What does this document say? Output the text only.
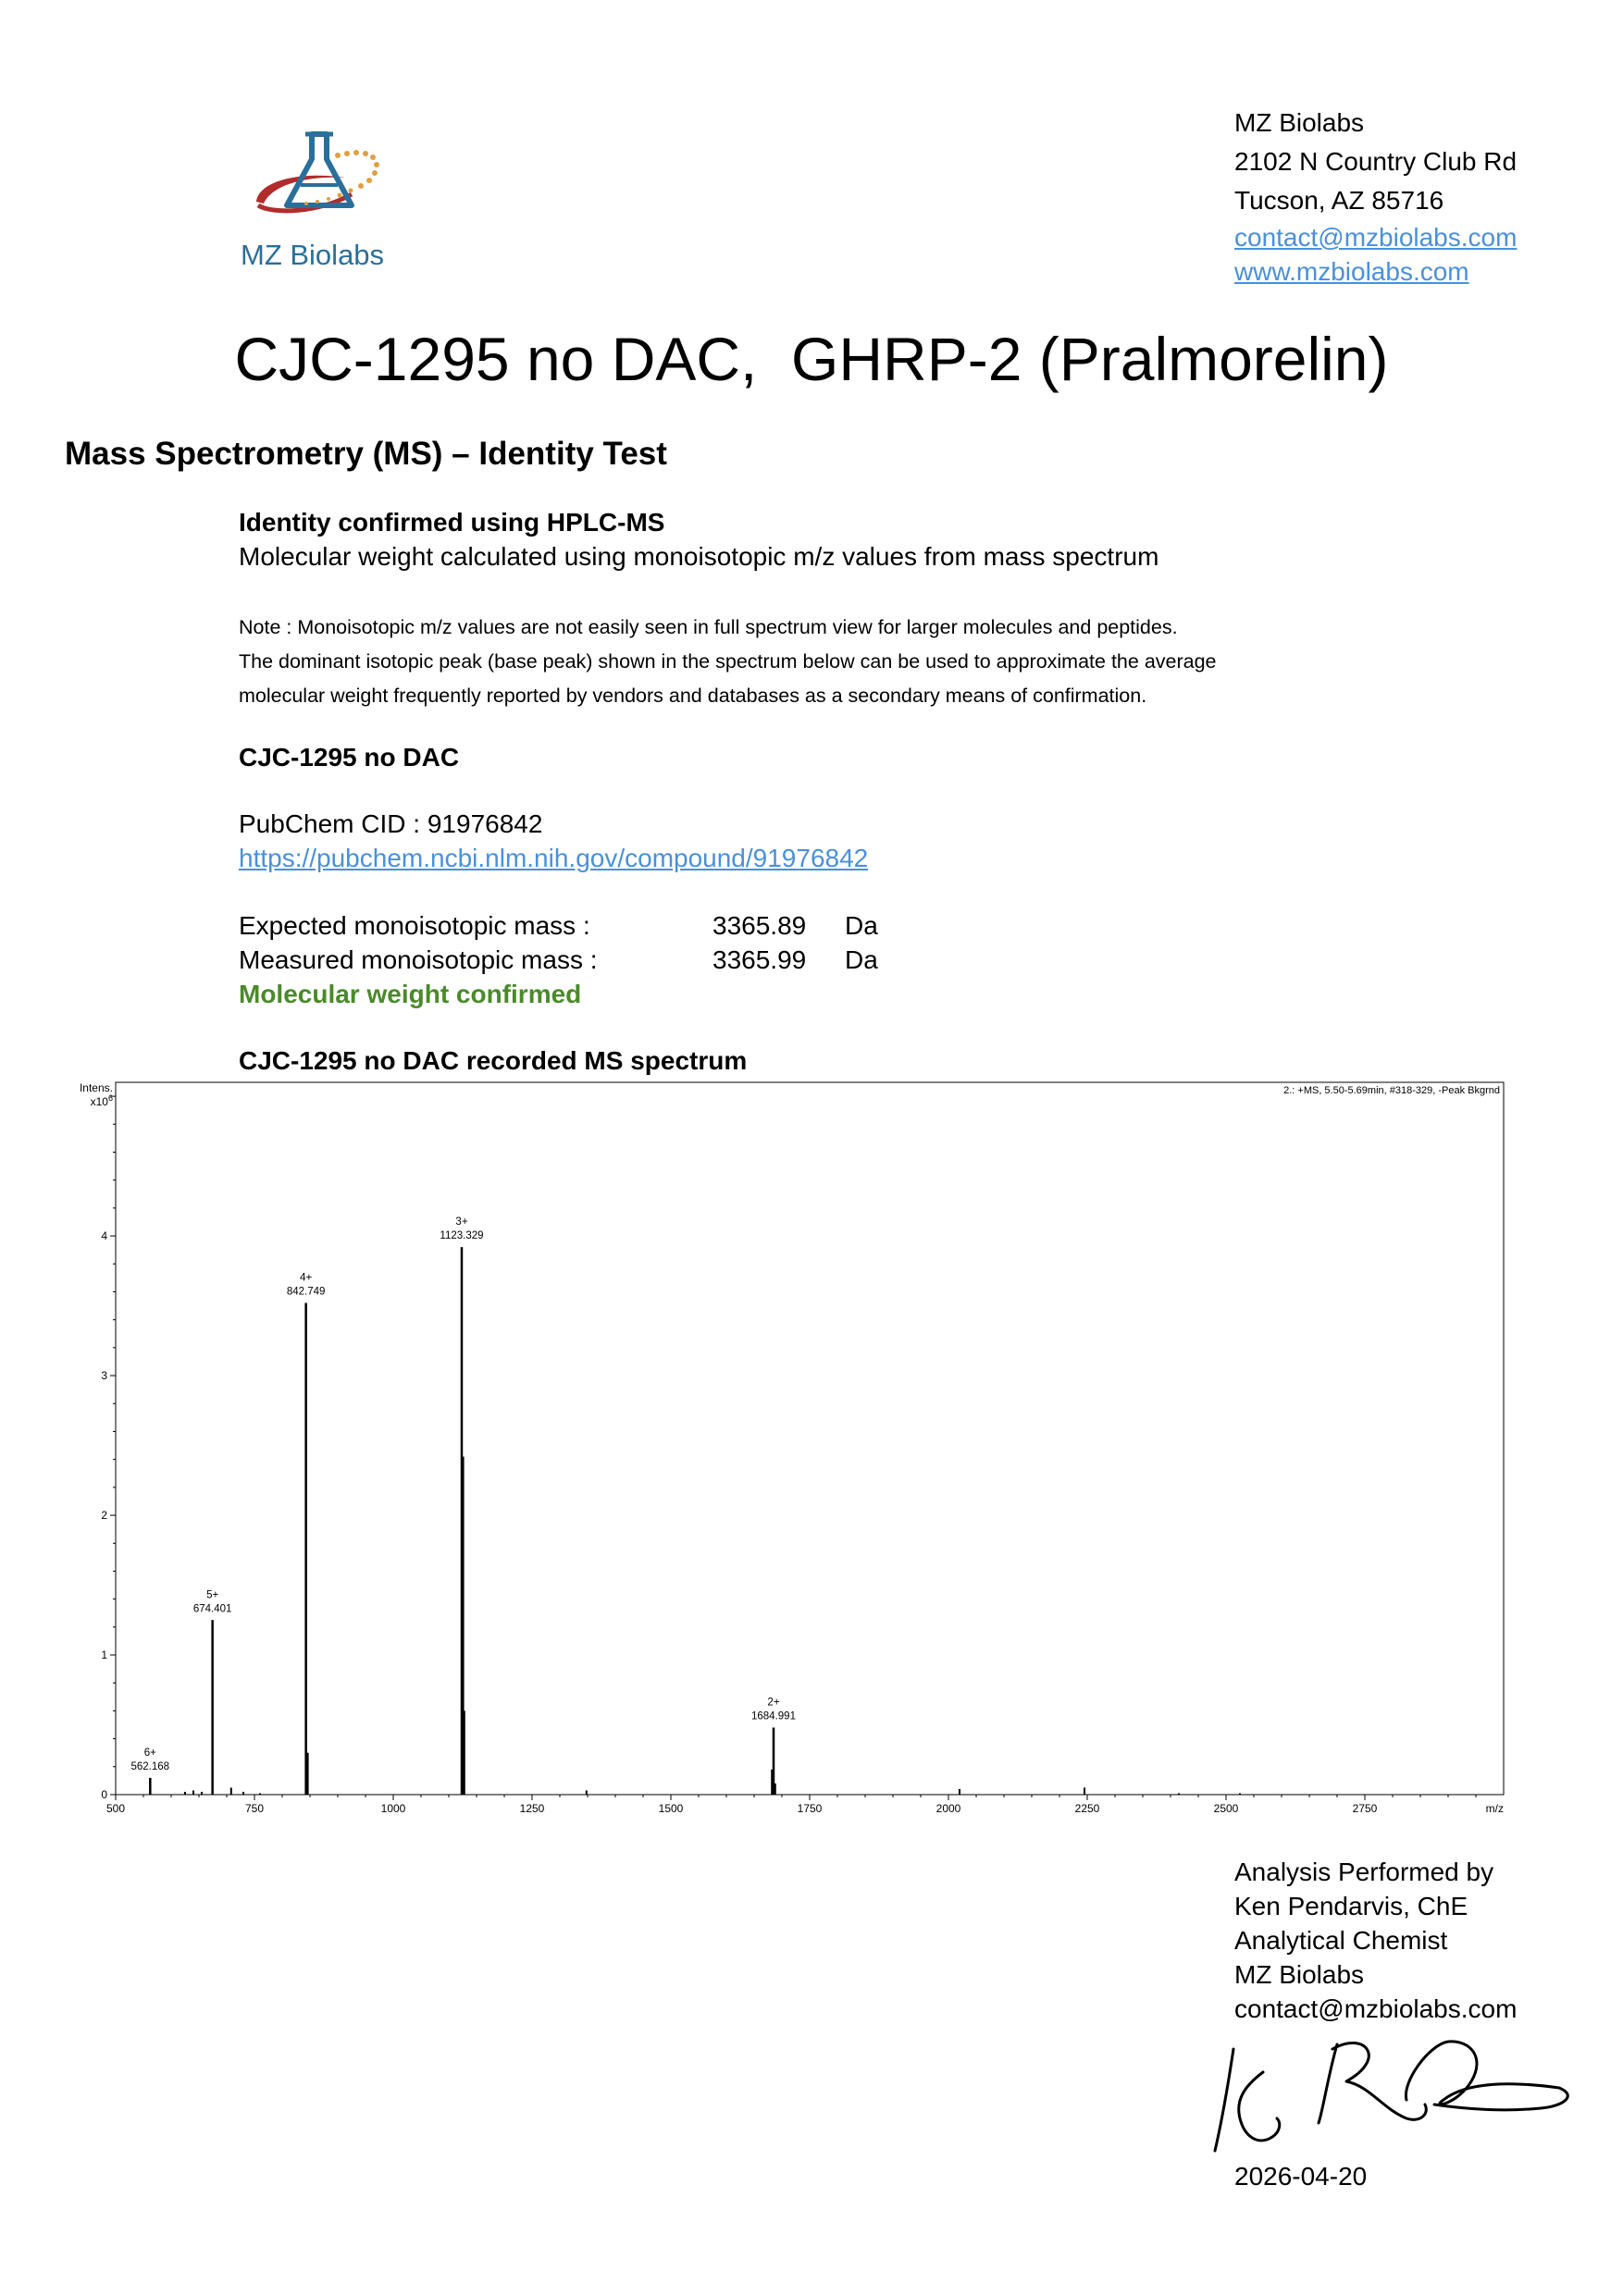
MZ Biolabs
MZ Biolabs
2102 N Country Club Rd
Tucson, AZ 85716
contact@mzbiolabs.com
www.mzbiolabs.com
CJC-1295 no DAC,  GHRP-2 (Pralmorelin)
Mass Spectrometry (MS) – Identity Test
Identity confirmed using HPLC-MS
Molecular weight calculated using monoisotopic m/z values from mass spectrum
Note : Monoisotopic m/z values are not easily seen in full spectrum view for larger molecules and peptides.
The dominant isotopic peak (base peak) shown in the spectrum below can be used to approximate the average
molecular weight frequently reported by vendors and databases as a secondary means of confirmation.
CJC-1295 no DAC
PubChem CID : 91976842
https://pubchem.ncbi.nlm.nih.gov/compound/91976842
Expected monoisotopic mass :	3365.89 Da
Measured monoisotopic mass :	3365.99 Da
Molecular weight confirmed
CJC-1295 no DAC recorded MS spectrum
Intens.
$x10^6$
2.: +MS, 5.50-5.69min, #318-329, -Peak Bkgrnd
m/z
500	750	1000	1250	1500	1750	2000	2250	2500	2750
0
1
2
3
4
6+
562.168
5+
674.401
4+
842.749
3+
1123.329
2+
1684.991
Analysis Performed by
Ken Pendarvis, ChE
Analytical Chemist
MZ Biolabs
contact@mzbiolabs.com
2026-04-20
